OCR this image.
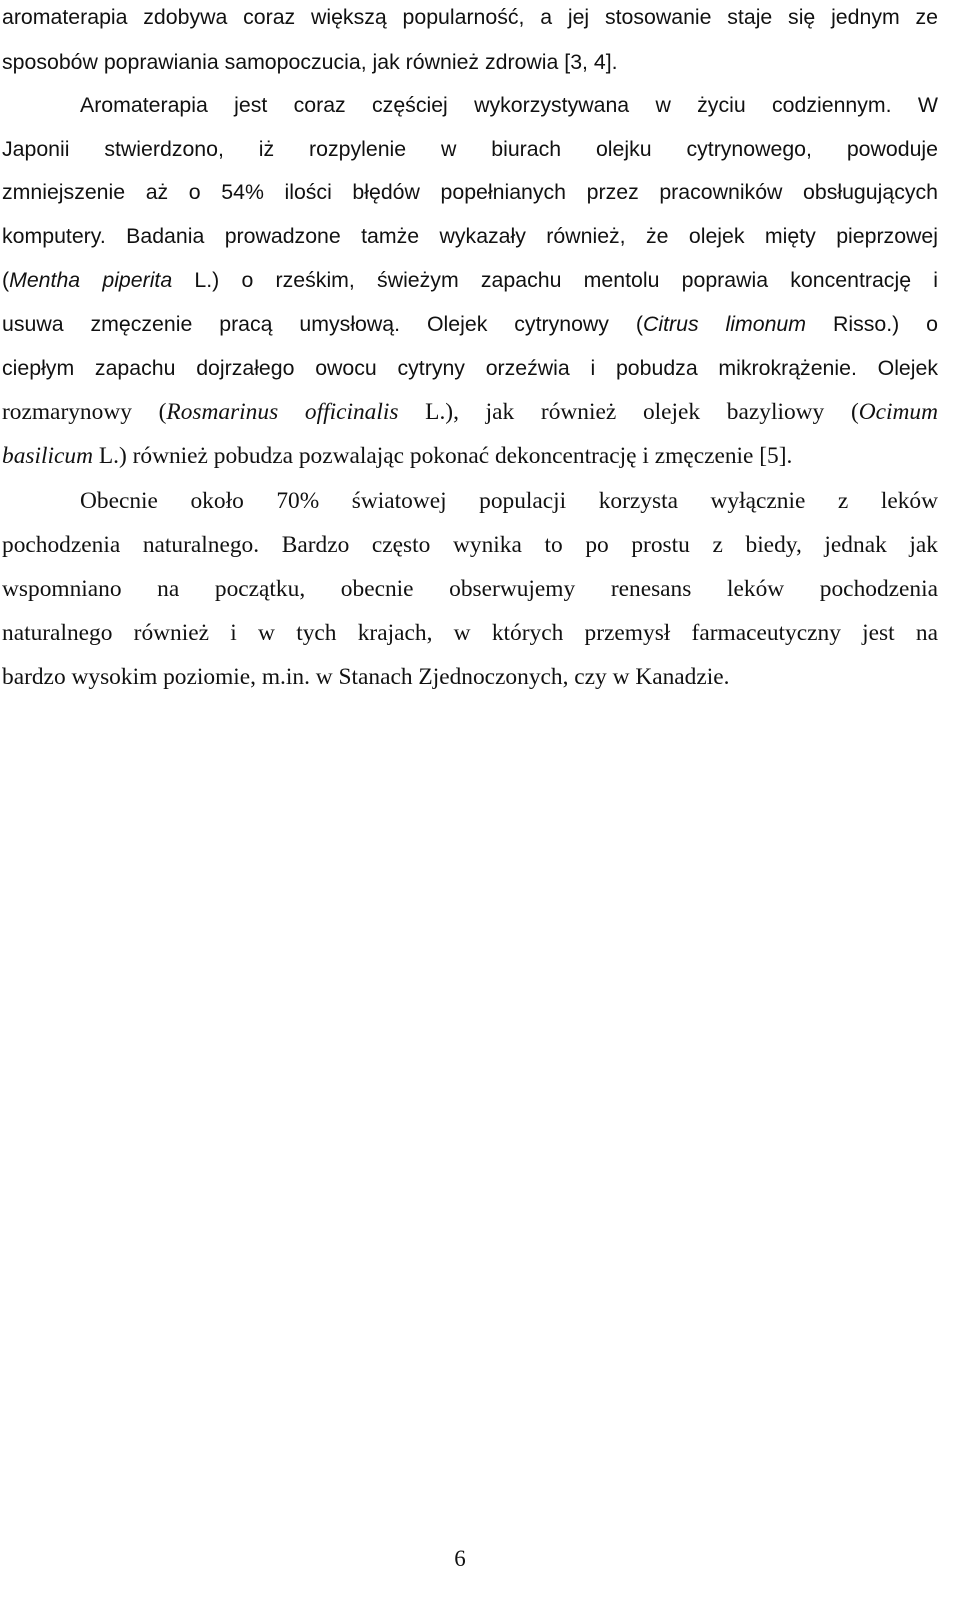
aromaterapia zdobywa coraz większą popularność, a jej stosowanie staje się jednym ze
sposobów poprawiania samopoczucia, jak również zdrowia [3, 4].
Aromaterapia jest coraz częściej wykorzystywana w życiu codziennym. W
Japonii stwierdzono, iż rozpylenie w biurach olejku cytrynowego, powoduje
zmniejszenie aż o 54% ilości błędów popełnianych przez pracowników obsługujących
komputery. Badania prowadzone tamże wykazały również, że olejek mięty pieprzowej
(Mentha piperita L.) o rześkim, świeżym zapachu mentolu poprawia koncentrację i
usuwa zmęczenie pracą umysłową. Olejek cytrynowy (Citrus limonum Risso.) o
ciepłym zapachu dojrzałego owocu cytryny orzeźwia i pobudza mikrokrążenie. Olejek
rozmarynowy (Rosmarinus officinalis L.), jak również olejek bazyliowy (Ocimum
basilicum L.) również pobudza pozwalając pokonać dekoncentrację i zmęczenie [5].
Obecnie około 70% światowej populacji korzysta wyłącznie z leków
pochodzenia naturalnego. Bardzo często wynika to po prostu z biedy, jednak jak
wspomniano na początku, obecnie obserwujemy renesans leków pochodzenia
naturalnego również i w tych krajach, w których przemysł farmaceutyczny jest na
bardzo wysokim poziomie, m.in. w Stanach Zjednoczonych, czy w Kanadzie.
6
